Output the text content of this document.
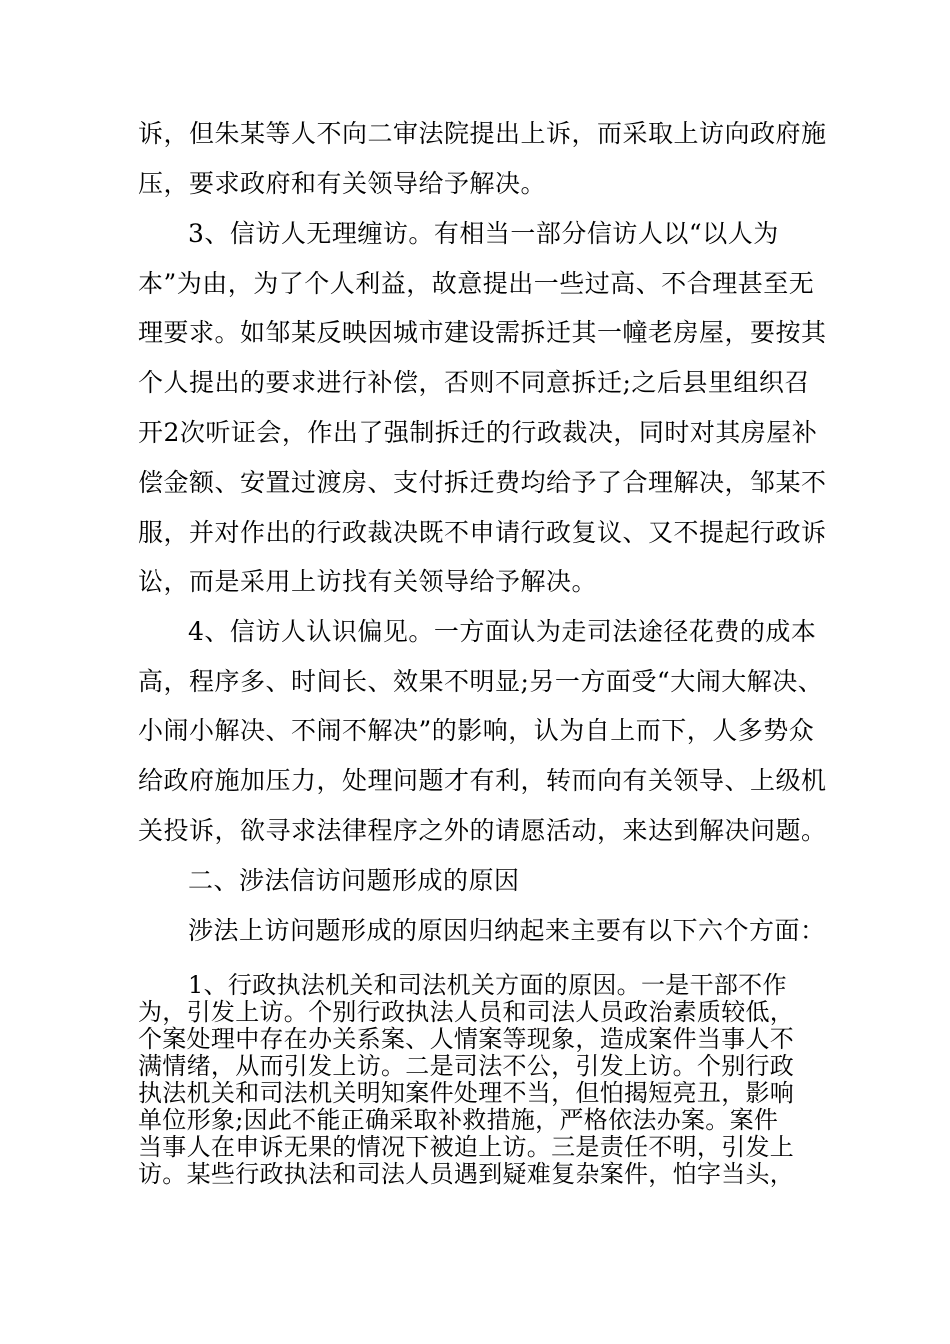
诉，但朱某等人不向二审法院提出上诉，而采取上访向政府施
压，要求政府和有关领导给予解决。
3、信访人无理缠访。有相当一部分信访人以“以人为
本”为由，为了个人利益，故意提出一些过高、不合理甚至无
理要求。如邹某反映因城市建设需拆迁其一幢老房屋，要按其
个人提出的要求进行补偿，否则不同意拆迁;之后县里组织召
开2次听证会，作出了强制拆迁的行政裁决，同时对其房屋补
偿金额、安置过渡房、支付拆迁费均给予了合理解决，邹某不
服，并对作出的行政裁决既不申请行政复议、又不提起行政诉
讼，而是采用上访找有关领导给予解决。
4、信访人认识偏见。一方面认为走司法途径花费的成本
高，程序多、时间长、效果不明显;另一方面受“大闹大解决、
小闹小解决、不闹不解决”的影响，认为自上而下，人多势众
给政府施加压力，处理问题才有利，转而向有关领导、上级机
关投诉，欲寻求法律程序之外的请愿活动，来达到解决问题。
二、涉法信访问题形成的原因
涉法上访问题形成的原因归纳起来主要有以下六个方面：
1、行政执法机关和司法机关方面的原因。一是干部不作
为，引发上访。个别行政执法人员和司法人员政治素质较低，
个案处理中存在办关系案、人情案等现象，造成案件当事人不
满情绪，从而引发上访。二是司法不公，引发上访。个别行政
执法机关和司法机关明知案件处理不当，但怕揭短亮丑，影响
单位形象;因此不能正确采取补救措施，严格依法办案。案件
当事人在申诉无果的情况下被迫上访。三是责任不明，引发上
访。某些行政执法和司法人员遇到疑难复杂案件，怕字当头，
